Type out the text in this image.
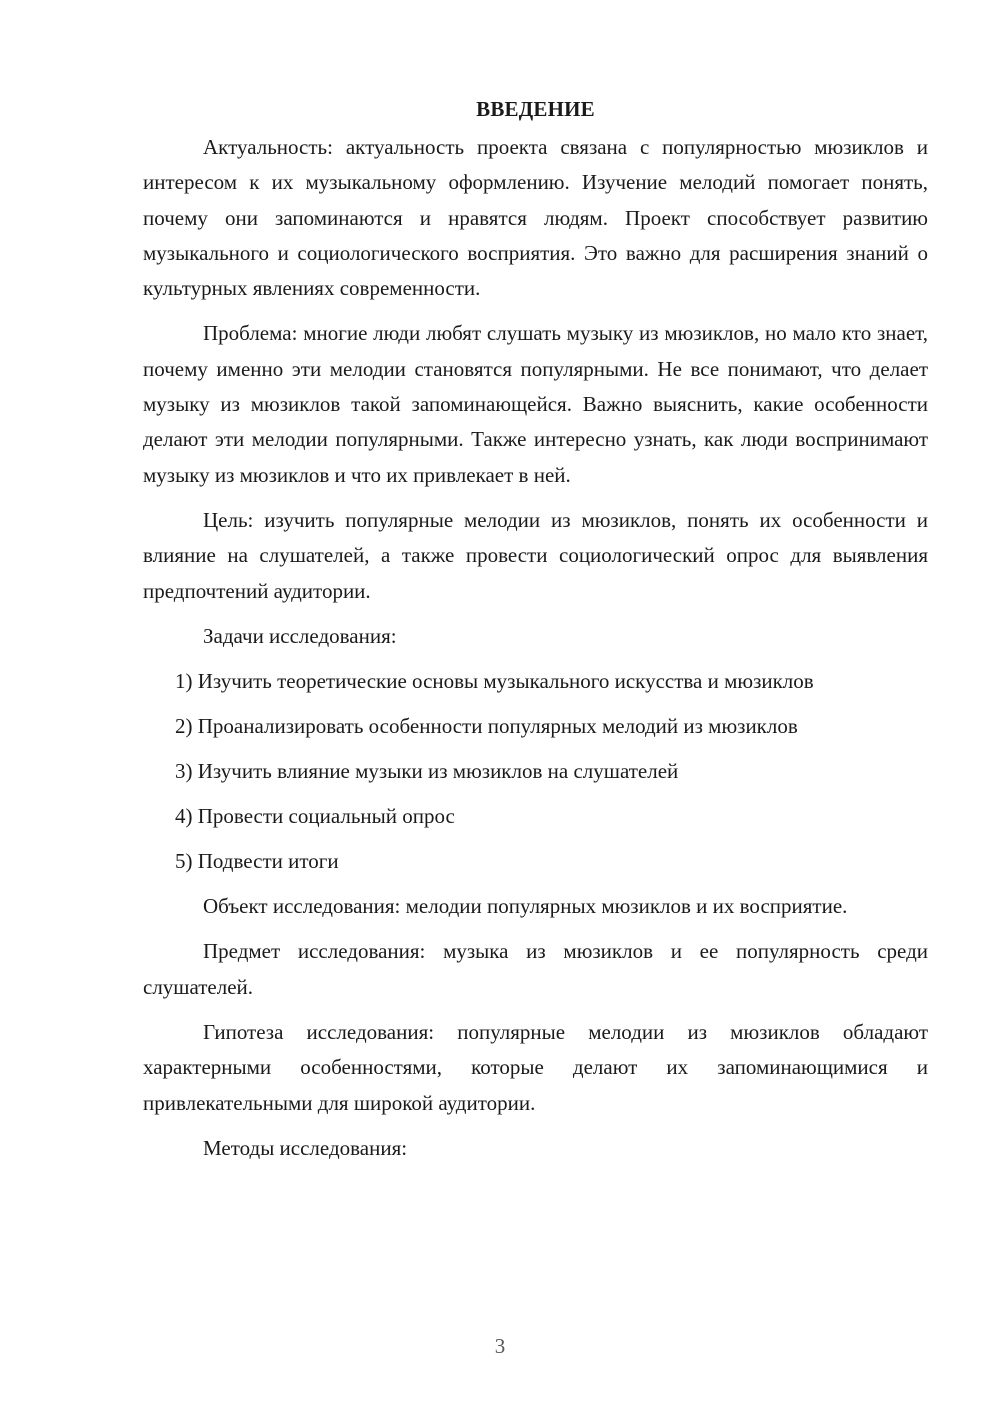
ВВЕДЕНИЕ

Актуальность: актуальность проекта связана с популярностью мюзиклов и интересом к их музыкальному оформлению. Изучение мелодий помогает понять, почему они запоминаются и нравятся людям. Проект способствует развитию музыкального и социологического восприятия. Это важно для расширения знаний о культурных явлениях современности.

Проблема: многие люди любят слушать музыку из мюзиклов, но мало кто знает, почему именно эти мелодии становятся популярными. Не все понимают, что делает музыку из мюзиклов такой запоминающейся. Важно выяснить, какие особенности делают эти мелодии популярными. Также интересно узнать, как люди воспринимают музыку из мюзиклов и что их привлекает в ней.

Цель: изучить популярные мелодии из мюзиклов, понять их особенности и влияние на слушателей, а также провести социологический опрос для выявления предпочтений аудитории.

Задачи исследования:

1) Изучить теоретические основы музыкального искусства и мюзиклов
2) Проанализировать особенности популярных мелодий из мюзиклов
3) Изучить влияние музыки из мюзиклов на слушателей
4) Провести социальный опрос
5) Подвести итоги

Объект исследования: мелодии популярных мюзиклов и их восприятие.

Предмет исследования: музыка из мюзиклов и ее популярность среди слушателей.

Гипотеза исследования: популярные мелодии из мюзиклов обладают характерными особенностями, которые делают их запоминающимися и привлекательными для широкой аудитории.

Методы исследования:

3
